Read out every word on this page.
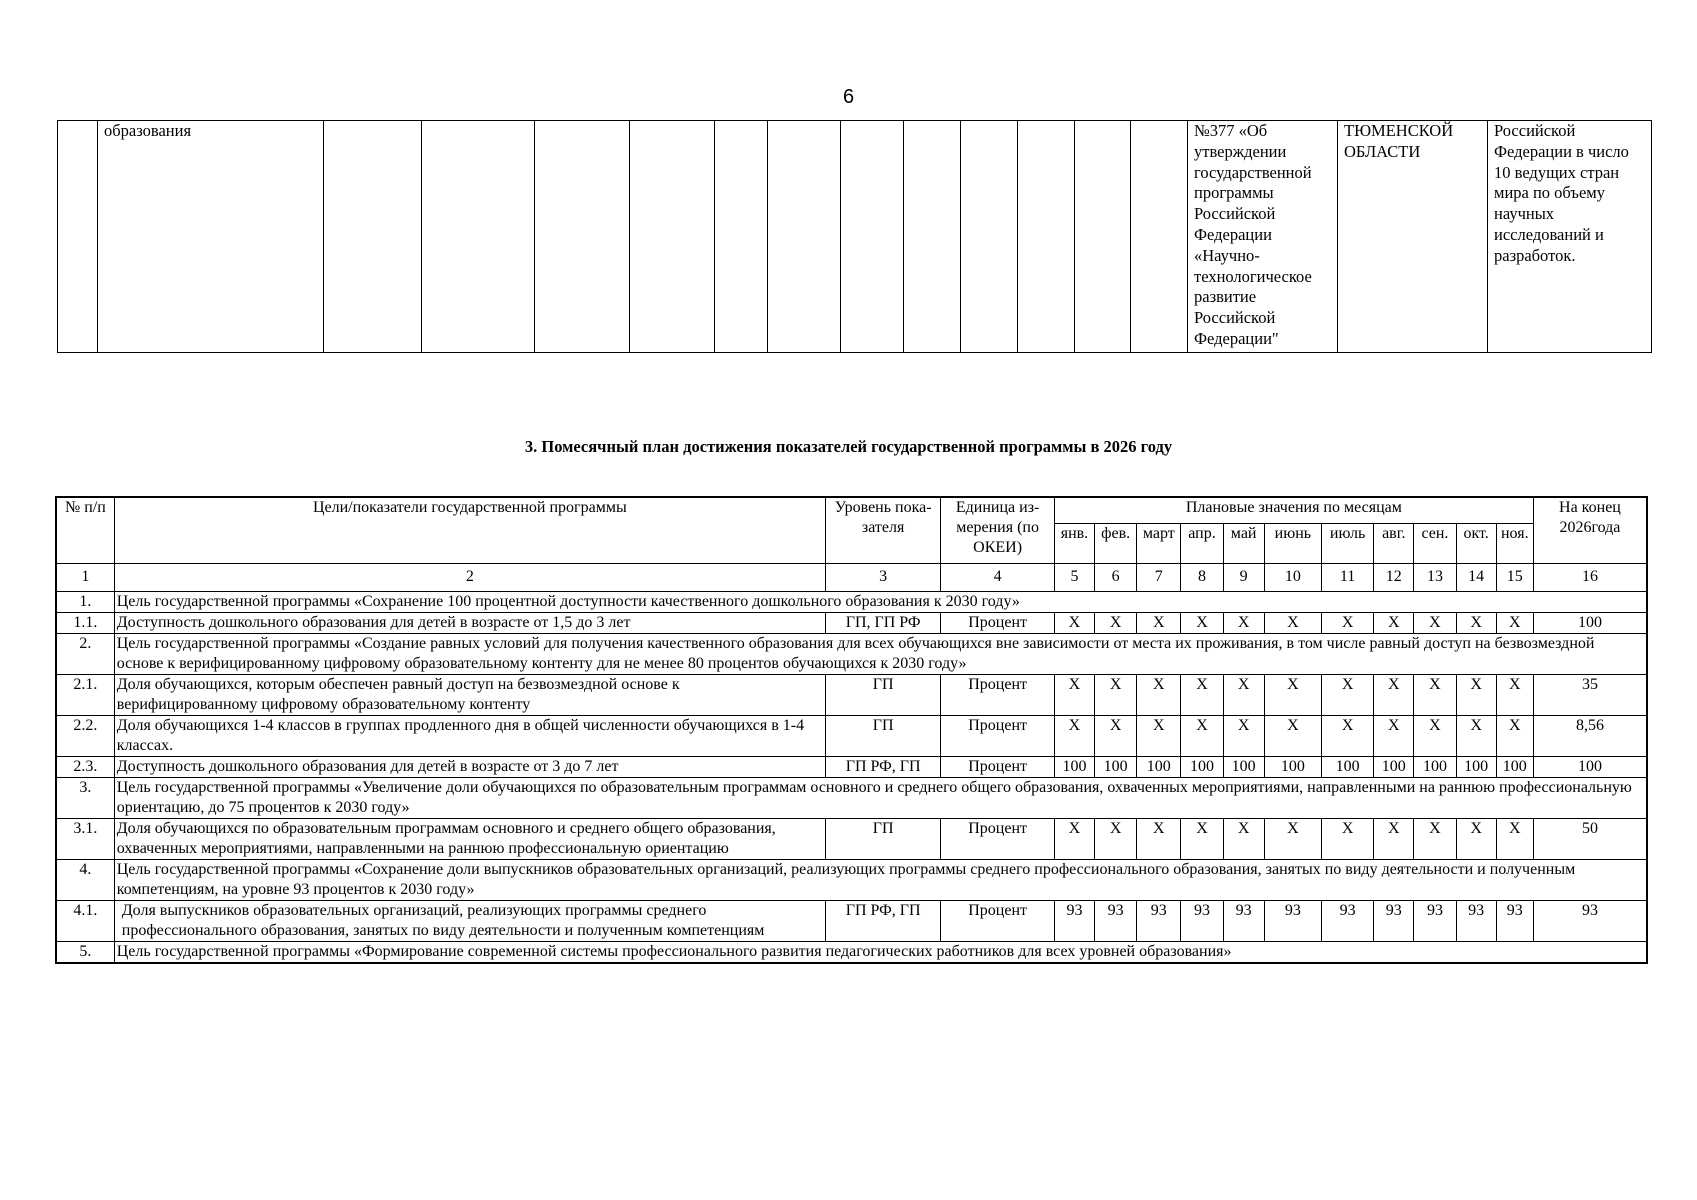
6
	образования													№377 «Об утверждении государственной программы Российской Федерации «Научно-технологическое развитие Российской Федерации"	ТЮМЕНСКОЙ ОБЛАСТИ	Российской Федерации в число 10 ведущих стран мира по объему научных исследований и разработок.
3. Помесячный план достижения показателей государственной программы в 2026 году
№ п/п	Цели/показатели государственной программы	Уровень пока-зателя	Единица из-мерения (по ОКЕИ)	Плановые значения по месяцам											На конец 2026года
				янв.	фев.	март	апр.	май	июнь	июль	авг.	сен.	окт.	ноя.	
1	2	3	4	5	6	7	8	9	10	11	12	13	14	15	16
1.	Цель государственной программы «Сохранение 100 процентной доступности качественного дошкольного образования к 2030 году»														
1.1.	Доступность дошкольного образования для детей в возрасте от 1,5 до 3 лет	ГП, ГП РФ	Процент	Х	Х	Х	Х	Х	Х	Х	Х	Х	Х	Х	100
2.	Цель государственной программы «Создание равных условий для получения качественного образования для всех обучающихся вне зависимости от места их проживания, в том числе равный доступ на безвозмездной основе к верифицированному цифровому образовательному контенту для не менее 80 процентов обучающихся к 2030 году»														
2.1.	Доля обучающихся, которым обеспечен равный доступ на безвозмездной основе к верифицированному цифровому образовательному контенту	ГП	Процент	Х	Х	Х	Х	Х	Х	Х	Х	Х	Х	Х	35
2.2.	Доля обучающихся 1-4 классов в группах продленного дня в общей численности обучающихся в 1-4 классах.	ГП	Процент	Х	Х	Х	Х	Х	Х	Х	Х	Х	Х	Х	8,56
2.3.	Доступность дошкольного образования для детей в возрасте от 3 до 7 лет	ГП РФ, ГП	Процент	100	100	100	100	100	100	100	100	100	100	100	100
3.	Цель государственной программы «Увеличение доли обучающихся по образовательным программам основного и среднего общего образования, охваченных мероприятиями, направленными на раннюю профессиональную ориентацию, до 75 процентов к 2030 году»														
3.1.	Доля обучающихся по образовательным программам основного и среднего общего образования, охваченных мероприятиями, направленными на раннюю профессиональную ориентацию	ГП	Процент	Х	Х	Х	Х	Х	Х	Х	Х	Х	Х	Х	50
4.	Цель государственной программы «Сохранение доли выпускников образовательных организаций, реализующих программы среднего профессионального образования, занятых по виду деятельности и полученным компетенциям, на уровне 93 процентов к 2030 году»														
4.1.	Доля выпускников образовательных организаций, реализующих программы среднего профессионального образования, занятых по виду деятельности и полученным компетенциям	ГП РФ, ГП	Процент	93	93	93	93	93	93	93	93	93	93	93	93
5.	Цель государственной программы «Формирование современной системы профессионального развития педагогических работников для всех уровней образования»														
